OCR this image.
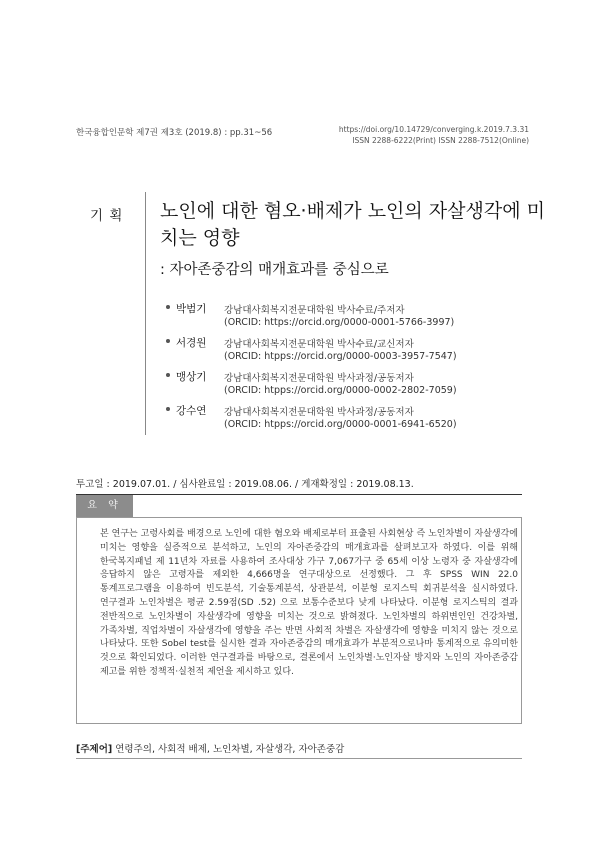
한국융합인문학 제7권 제3호 (2019.8) : pp.31~56	https://doi.org/10.14729/converging.k.2019.7.3.31
ISSN 2288-6222(Print) ISSN 2288-7512(Online)
기 획 노인에 대한 혐오·배제가 노인의 자살생각에 미치는 영향
: 자아존중감의 매개효과를 중심으로
박범기 강남대사회복지전문대학원 박사수료/주저자
(ORCID: https://orcid.org/0000-0001-5766-3997)
서경원 강남대사회복지전문대학원 박사수료/교신저자
(ORCID: htpps://orcid.org/0000-0003-3957-7547)
맹상기 강남대사회복지전문대학원 박사과정/공동저자
(ORCID: htpps://orcid.org/0000-0002-2802-7059)
강수연 강남대사회복지전문대학원 박사과정/공동저자
(ORCID: htpps://orcid.org/0000-0001-6941-6520)
투고일 : 2019.07.01. / 심사완료일 : 2019.08.06. / 게재확정일 : 2019.08.13.
요 약
본 연구는 고령사회를 배경으로 노인에 대한 혐오와 배제로부터 표출된 사회현상 즉 노인차별이 자살생각에 미치는 영향을 실증적으로 분석하고, 노인의 자아존중감의 매개효과를 살펴보고자 하였다. 이를 위해 한국복지패널 제 11년차 자료를 사용하여 조사대상 가구 7,067가구 중 65세 이상 노령자 중 자살생각에 응답하지 않은 고령자를 제외한 4,666명을 연구대상으로 선정했다. 그 후 SPSS WIN 22.0 통계프로그램을 이용하여 빈도분석, 기술통계분석, 상관분석, 이분형 로지스틱 회귀분석을 실시하였다. 연구결과 노인차별은 평균 2.59점(SD .52) 으로 보통수준보다 낮게 나타났다. 이분형 로지스틱의 결과 전반적으로 노인차별이 자살생각에 영향을 미치는 것으로 밝혀졌다. 노인차별의 하위변인인 건강차별, 가족차별, 직업차별이 자살생각에 영향을 주는 반면 사회적 차별은 자살생각에 영향을 미치지 않는 것으로 나타났다. 또한 Sobel test를 실시한 결과 자아존중감의 매개효과가 부분적으로나마 통계적으로 유의미한 것으로 확인되었다. 이러한 연구결과를 바탕으로, 결론에서 노인차별·노인자살 방지와 노인의 자아존중감 제고를 위한 정책적·실천적 제언을 제시하고 있다.
[주제어] 연령주의, 사회적 배제, 노인차별, 자살생각, 자아존중감
